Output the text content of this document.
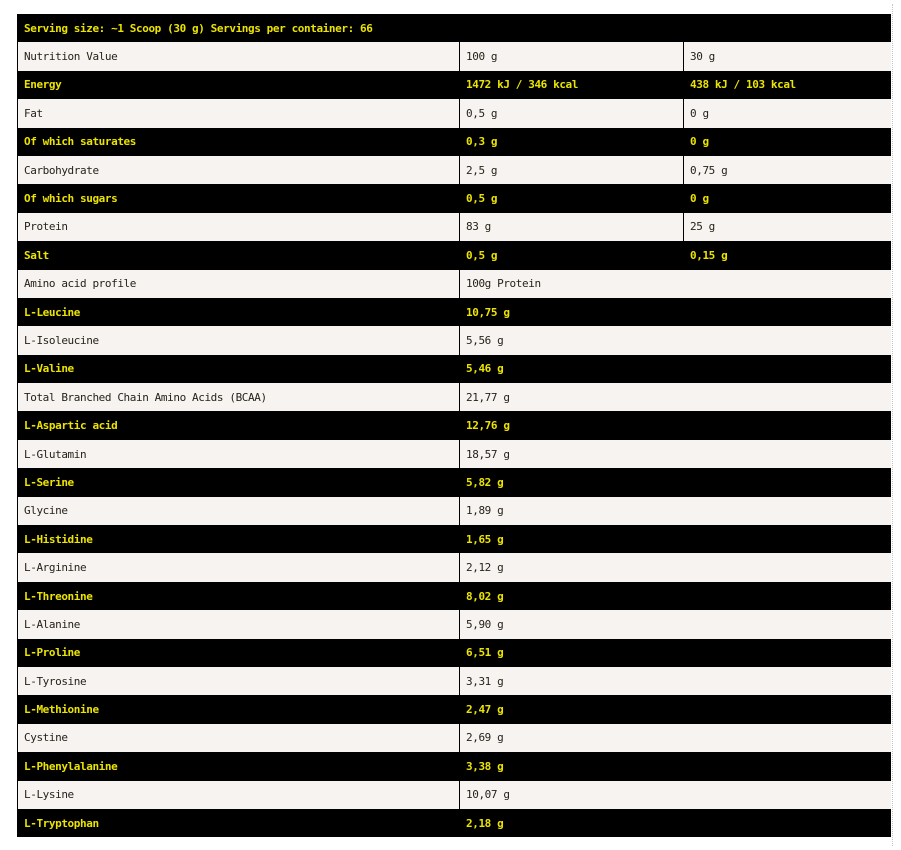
Serving size: ~1 Scoop (30 g) Servings per container: 66		
Nutrition Value	100 g	30 g
Energy	1472 kJ / 346 kcal	438 kJ / 103 kcal
Fat	0,5 g	0 g
Of which saturates	0,3 g	0 g
Carbohydrate	2,5 g	0,75 g
Of which sugars	0,5 g	0 g
Protein	83 g	25 g
Salt	0,5 g	0,15 g
Amino acid profile	100g Protein	
L-Leucine	10,75 g	
L-Isoleucine	5,56 g	
L-Valine	5,46 g	
Total Branched Chain Amino Acids (BCAA)	21,77 g	
L-Aspartic acid	12,76 g	
L-Glutamin	18,57 g	
L-Serine	5,82 g	
Glycine	1,89 g	
L-Histidine	1,65 g	
L-Arginine	2,12 g	
L-Threonine	8,02 g	
L-Alanine	5,90 g	
L-Proline	6,51 g	
L-Tyrosine	3,31 g	
L-Methionine	2,47 g	
Cystine	2,69 g	
L-Phenylalanine	3,38 g	
L-Lysine	10,07 g	
L-Tryptophan	2,18 g	
